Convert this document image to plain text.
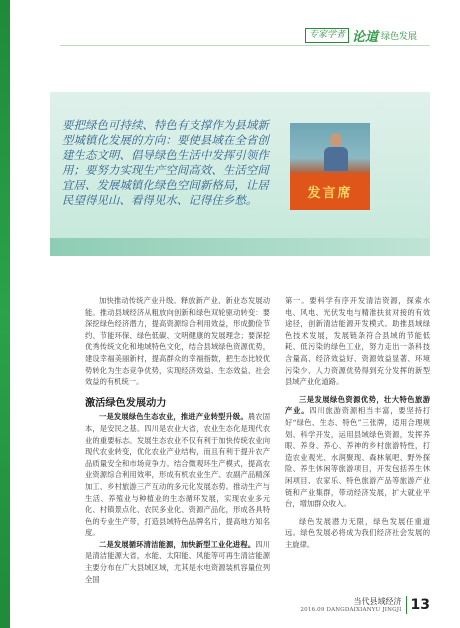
专家学者 论道 绿色发展
要把绿色可持续、特色有支撑作为县域新型城镇化发展的方向：要使县域在全省创建生态文明、倡导绿色生活中发挥引领作用；要努力实现生产空间高效、生活空间宜居、发展城镇化绿色空间新格局，让居民望得见山、看得见水、记得住乡愁。	发言席

加快推动传统产业升级。释放新产业、新业态发展动能。推动县域经济从粗放向创新和绿色双轮驱动转变：要深挖绿色经济潜力，提高资源综合利用效益，形成勤俭节约、节能环保、绿色低碳、文明健康的发展理念；要深挖优秀传统文化和地域特色文化，结合县域绿色资源优势，建设幸福美丽新村，提高群众的幸福指数，把生态比较优势转化为生态竞争优势，实现经济效益、生态效益、社会效益的有机统一。

激活绿色发展动力

一是发展绿色生态农业，推进产业转型升级。農农固本，是安民之基。四川是农业大省，农业生态化是现代农业的重要标志。发展生态农业不仅有利于加快传统农业向现代农业转变，优化农业产业结构，而且有利于提升农产品质量安全和市场竞争力。结合微观环生产模式，提高农业资源综合利用效率，形成有机农业生产、农副产品精深加工、乡村旅游三产互动的多元化发展态势。推动生产与生活、养殖业与种植业的生态循环发展，实现农业多元化、村镇景点化、农民多业化、资源产品化，形成各具特色的专业生产带，打造县域特色品牌名片，提高地方知名度。

二是发展循环清洁能源，加快新型工业化进程。四川是清洁能源大省，水能、太阳能、风能等可再生清洁能源主要分布在广大县域区域，尤其是水电资源装机容量位列全国

第一。要科学有序开发清洁资源，探索水电、风电、光伏发电与精准扶贫对接的有效途径，创新清洁能源开发模式。助推县域绿色技术发展，发展链条符合县域的节能低耗、低污染的绿色工业，努力走出一条科技含量高、经济效益好、资源效益显著、环境污染少、人力资源优势得到充分发挥的新型县域产业化道路。

三是发展绿色资源优势，壮大特色旅游产业。四川旅游资源相当丰富，要坚持打好“绿色、生态、特色”三张牌，适用合理规划、科学开发，运用县域绿色资源，发挥养眼、养身、养心、养神的乡村旅游特性，打造农业观光、水润聚现、森林氧吧、野外探险、养生休闲等旅游项目，开发包括养生休闲项目、农家乐、特色旅游产品等旅游产业链和产业集群，带动经济发展，扩大就业平台，增加群众收入。

绿色发展潜力无限，绿色发展任重道远。绿色发展必将成为我们经济社会发展的主旋律。

当代县域经济
2016.09 DANGDAIXIANYU JINGJI 13
